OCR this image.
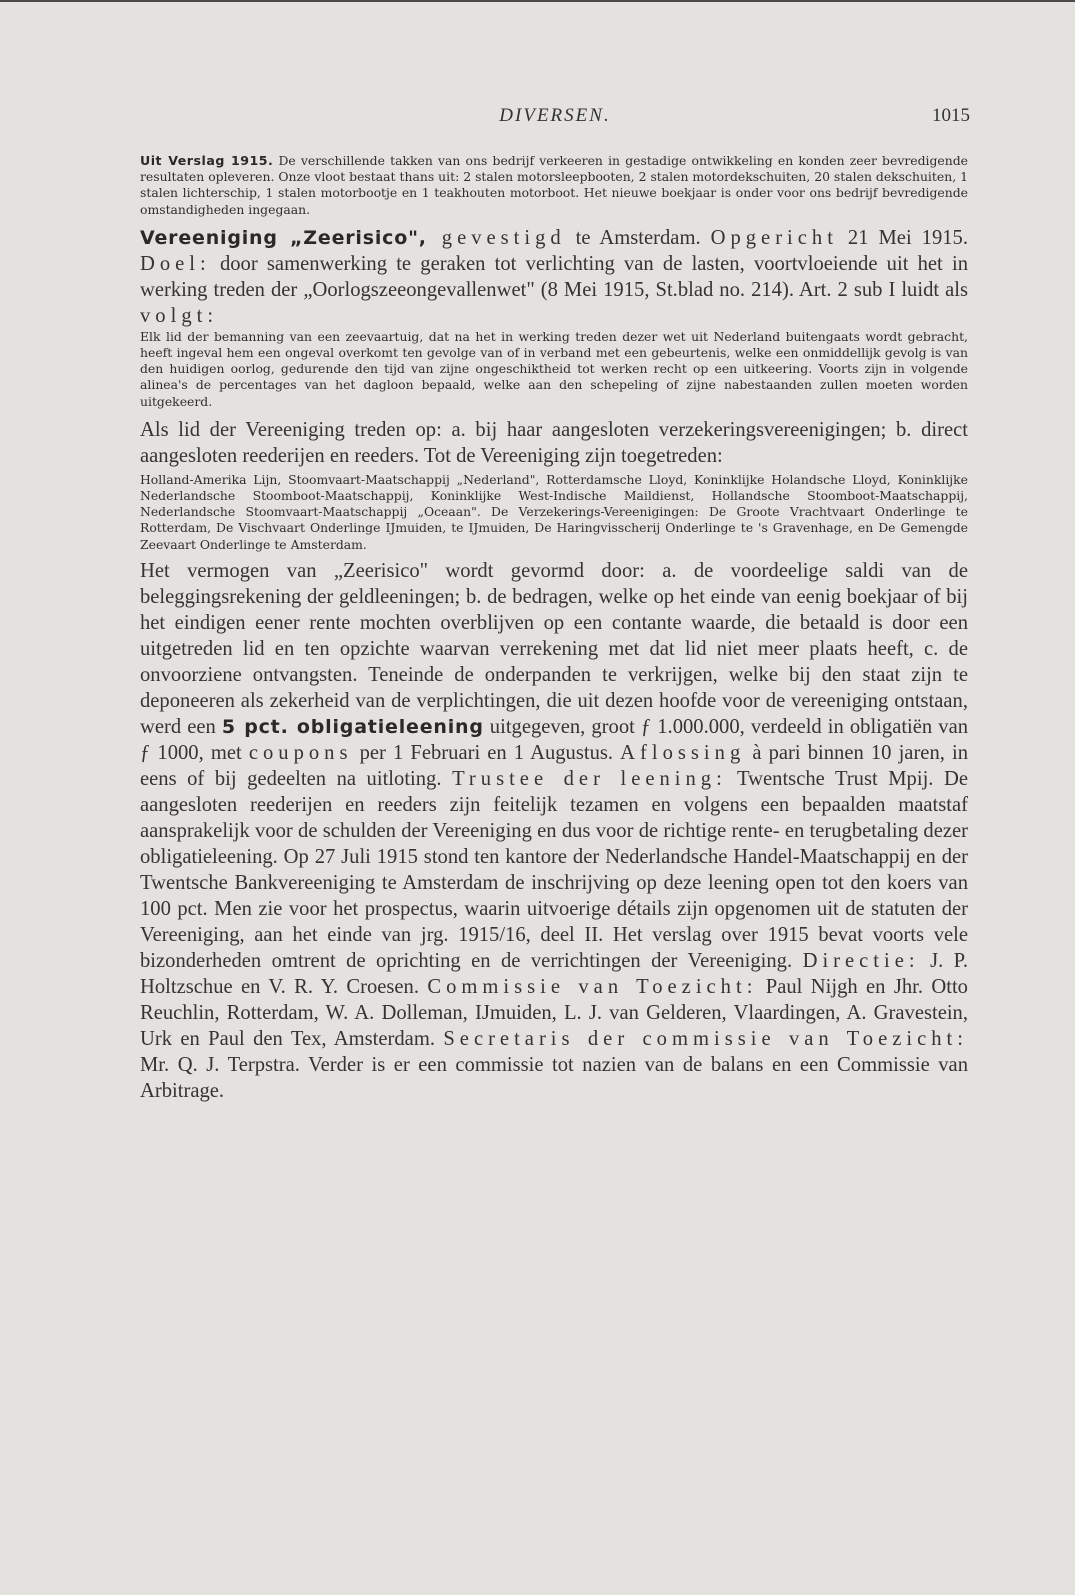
DIVERSEN.	1015

Uit Verslag 1915. De verschillende takken van ons bedrijf verkeeren in gestadige ontwikkeling en konden zeer bevredigende resultaten opleveren. Onze vloot bestaat thans uit: 2 stalen motorsleepbooten, 2 stalen motordekschuiten, 20 stalen dekschuiten, 1 stalen lichterschip, 1 stalen motorbootje en 1 teakhouten motorboot. Het nieuwe boekjaar is onder voor ons bedrijf bevredigende omstandigheden ingegaan.

Vereeniging „Zeerisico", gevestigd te Amsterdam. Opgericht 21 Mei 1915. Doel: door samenwerking te geraken tot verlichting van de lasten, voortvloeiende uit het in werking treden der „Oorlogszeeongevallenwet" (8 Mei 1915, St.blad no. 214). Art. 2 sub I luidt als volgt:

Elk lid der bemanning van een zeevaartuig, dat na het in werking treden dezer wet uit Nederland buitengaats wordt gebracht, heeft ingeval hem een ongeval overkomt ten gevolge van of in verband met een gebeurtenis, welke een onmiddellijk gevolg is van den huidigen oorlog, gedurende den tijd van zijne ongeschiktheid tot werken recht op een uitkeering. Voorts zijn in volgende alinea's de percentages van het dagloon bepaald, welke aan den schepeling of zijne nabestaanden zullen moeten worden uitgekeerd.

Als lid der Vereeniging treden op: a. bij haar aangesloten verzekeringsvereenigingen; b. direct aangesloten reederijen en reeders. Tot de Vereeniging zijn toegetreden:

Holland-Amerika Lijn, Stoomvaart-Maatschappij „Nederland", Rotterdamsche Lloyd, Koninklijke Holandsche Lloyd, Koninklijke Nederlandsche Stoomboot-Maatschappij, Koninklijke West-Indische Maildienst, Hollandsche Stoomboot-Maatschappij, Nederlandsche Stoomvaart-Maatschappij „Oceaan". De Verzekerings-Vereenigingen: De Groote Vrachtvaart Onderlinge te Rotterdam, De Vischvaart Onderlinge IJmuiden, te IJmuiden, De Haringvisscherij Onderlinge te 's Gravenhage, en De Gemengde Zeevaart Onderlinge te Amsterdam.

Het vermogen van „Zeerisico" wordt gevormd door: a. de voordeelige saldi van de beleggingsrekening der geldleeningen; b. de bedragen, welke op het einde van eenig boekjaar of bij het eindigen eener rente mochten overblijven op een contante waarde, die betaald is door een uitgetreden lid en ten opzichte waarvan verrekening met dat lid niet meer plaats heeft, c. de onvoorziene ontvangsten. Teneinde de onderpanden te verkrijgen, welke bij den staat zijn te deponeeren als zekerheid van de verplichtingen, die uit dezen hoofde voor de vereeniging ontstaan, werd een 5 pct. obligatieleening uitgegeven, groot ƒ 1.000.000, verdeeld in obligatiën van ƒ 1000, met coupons per 1 Februari en 1 Augustus. Aflossing à pari binnen 10 jaren, in eens of bij gedeelten na uitloting. Trustee der leening: Twentsche Trust Mpij. De aangesloten reederijen en reeders zijn feitelijk tezamen en volgens een bepaalden maatstaf aansprakelijk voor de schulden der Vereeniging en dus voor de richtige rente- en terugbetaling dezer obligatieleening. Op 27 Juli 1915 stond ten kantore der Nederlandsche Handel-Maatschappij en der Twentsche Bankvereeniging te Amsterdam de inschrijving op deze leening open tot den koers van 100 pct. Men zie voor het prospectus, waarin uitvoerige détails zijn opgenomen uit de statuten der Vereeniging, aan het einde van jrg. 1915/16, deel II. Het verslag over 1915 bevat voorts vele bizonderheden omtrent de oprichting en de verrichtingen der Vereeniging. Directie: J. P. Holtzschue en V. R. Y. Croesen. Commissie van Toezicht: Paul Nijgh en Jhr. Otto Reuchlin, Rotterdam, W. A. Dolleman, IJmuiden, L. J. van Gelderen, Vlaardingen, A. Gravestein, Urk en Paul den Tex, Amsterdam. Secretaris der commissie van Toezicht: Mr. Q. J. Terpstra. Verder is er een commissie tot nazien van de balans en een Commissie van Arbitrage.
